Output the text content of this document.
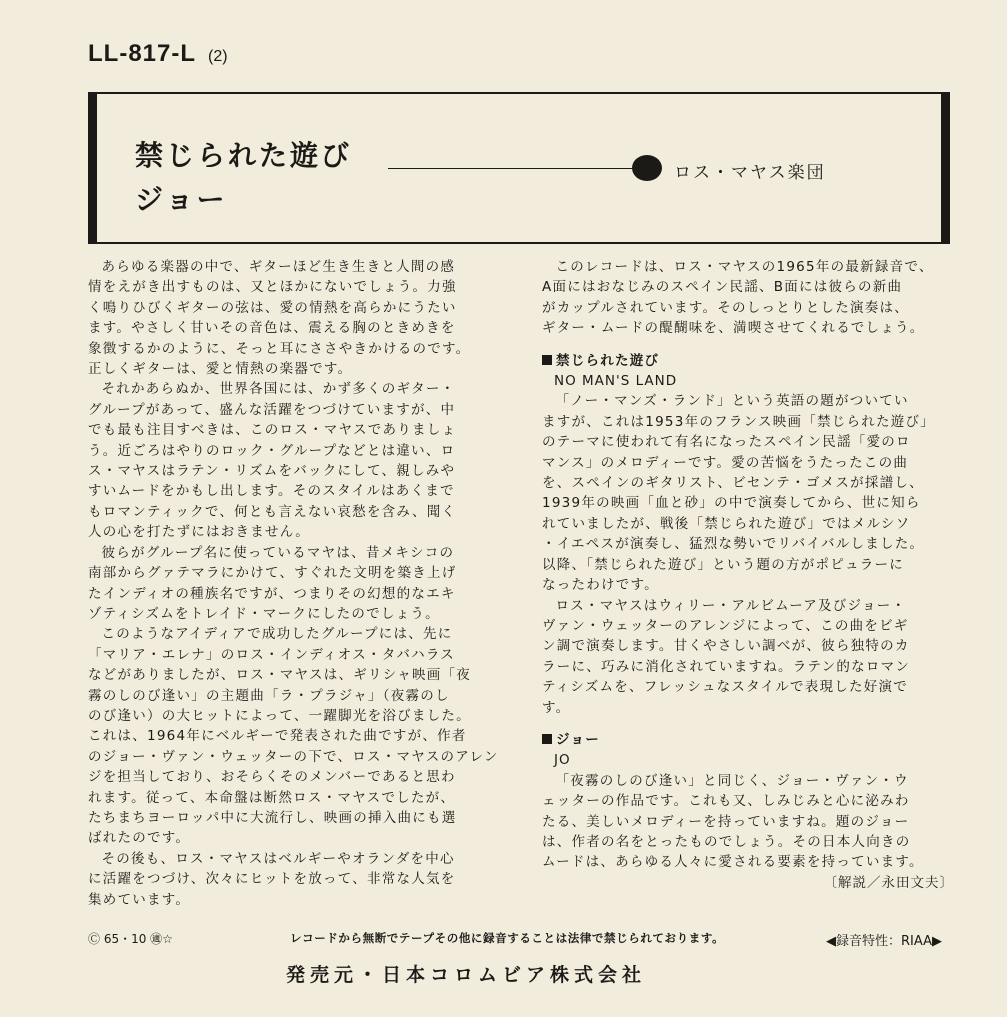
LL-817-L (2)
禁じられた遊び
ジョー
ロス・マヤス楽団

あらゆる楽器の中で、ギターほど生き生きと人間の感
情をえがき出すものは、又とほかにないでしょう。力強
く鳴りひびくギターの弦は、愛の情熱を高らかにうたい
ます。やさしく甘いその音色は、震える胸のときめきを
象徴するかのように、そっと耳にささやきかけるのです。
正しくギターは、愛と情熱の楽器です。

それかあらぬか、世界各国には、かず多くのギター・
グループがあって、盛んな活躍をつづけていますが、中
でも最も注目すべきは、このロス・マヤスでありましょ
う。近ごろはやりのロック・グループなどとは違い、ロ
ス・マヤスはラテン・リズムをバックにして、親しみや
すいムードをかもし出します。そのスタイルはあくまで
もロマンティックで、何とも言えない哀愁を含み、聞く
人の心を打たずにはおきません。

彼らがグループ名に使っているマヤは、昔メキシコの
南部からグァテマラにかけて、すぐれた文明を築き上げ
たインディオの種族名ですが、つまりその幻想的なエキ
ゾティシズムをトレイド・マークにしたのでしょう。

このようなアイディアで成功したグループには、先に
「マリア・エレナ」のロス・インディオス・タバハラス
などがありましたが、ロス・マヤスは、ギリシャ映画「夜
霧のしのび逢い」の主題曲「ラ・プラジャ」（夜霧のし
のび逢い）の大ヒットによって、一躍脚光を浴びました。
これは、1964年にベルギーで発表された曲ですが、作者
のジョー・ヴァン・ウェッターの下で、ロス・マヤスのアレン
ジを担当しており、おそらくそのメンバーであると思わ
れます。従って、本命盤は断然ロス・マヤスでしたが、
たちまちヨーロッパ中に大流行し、映画の挿入曲にも選
ばれたのです。

その後も、ロス・マヤスはベルギーやオランダを中心
に活躍をつづけ、次々にヒットを放って、非常な人気を
集めています。

このレコードは、ロス・マヤスの1965年の最新録音で、
A面にはおなじみのスペイン民謡、B面には彼らの新曲
がカップルされています。そのしっとりとした演奏は、
ギター・ムードの醍醐味を、満喫させてくれるでしょう。

禁じられた遊び
NO MAN'S LAND

「ノー・マンズ・ランド」という英語の題がついてい
ますが、これは1953年のフランス映画「禁じられた遊び」
のテーマに使われて有名になったスペイン民謡「愛のロ
マンス」のメロディーです。愛の苦悩をうたったこの曲
を、スペインのギタリスト、ビセンテ・ゴメスが採譜し、
1939年の映画「血と砂」の中で演奏してから、世に知ら
れていましたが、戦後「禁じられた遊び」ではメルシソ
・イエペスが演奏し、猛烈な勢いでリバイバルしました。
以降、「禁じられた遊び」という題の方がポピュラーに
なったわけです。

ロス・マヤスはウィリー・アルビムーア及びジョー・
ヴァン・ウェッターのアレンジによって、この曲をビギ
ン調で演奏します。甘くやさしい調べが、彼ら独特のカ
ラーに、巧みに消化されていますね。ラテン的なロマン
ティシズムを、フレッシュなスタイルで表現した好演で
す。

ジョー
JO

「夜霧のしのび逢い」と同じく、ジョー・ヴァン・ウ
ェッターの作品です。これも又、しみじみと心に泌みわ
たる、美しいメロディーを持っていますね。題のジョー
は、作者の名をとったものでしょう。その日本人向きの
ムードは、あらゆる人々に愛される要素を持っています。

〔解説／永田文夫〕
Ⓒ 65・10 ㊜☆	レコードから無断でテープその他に録音することは法律で禁じられております。	◀録音特性：RIAA▶
発売元・日本コロムビア株式会社
